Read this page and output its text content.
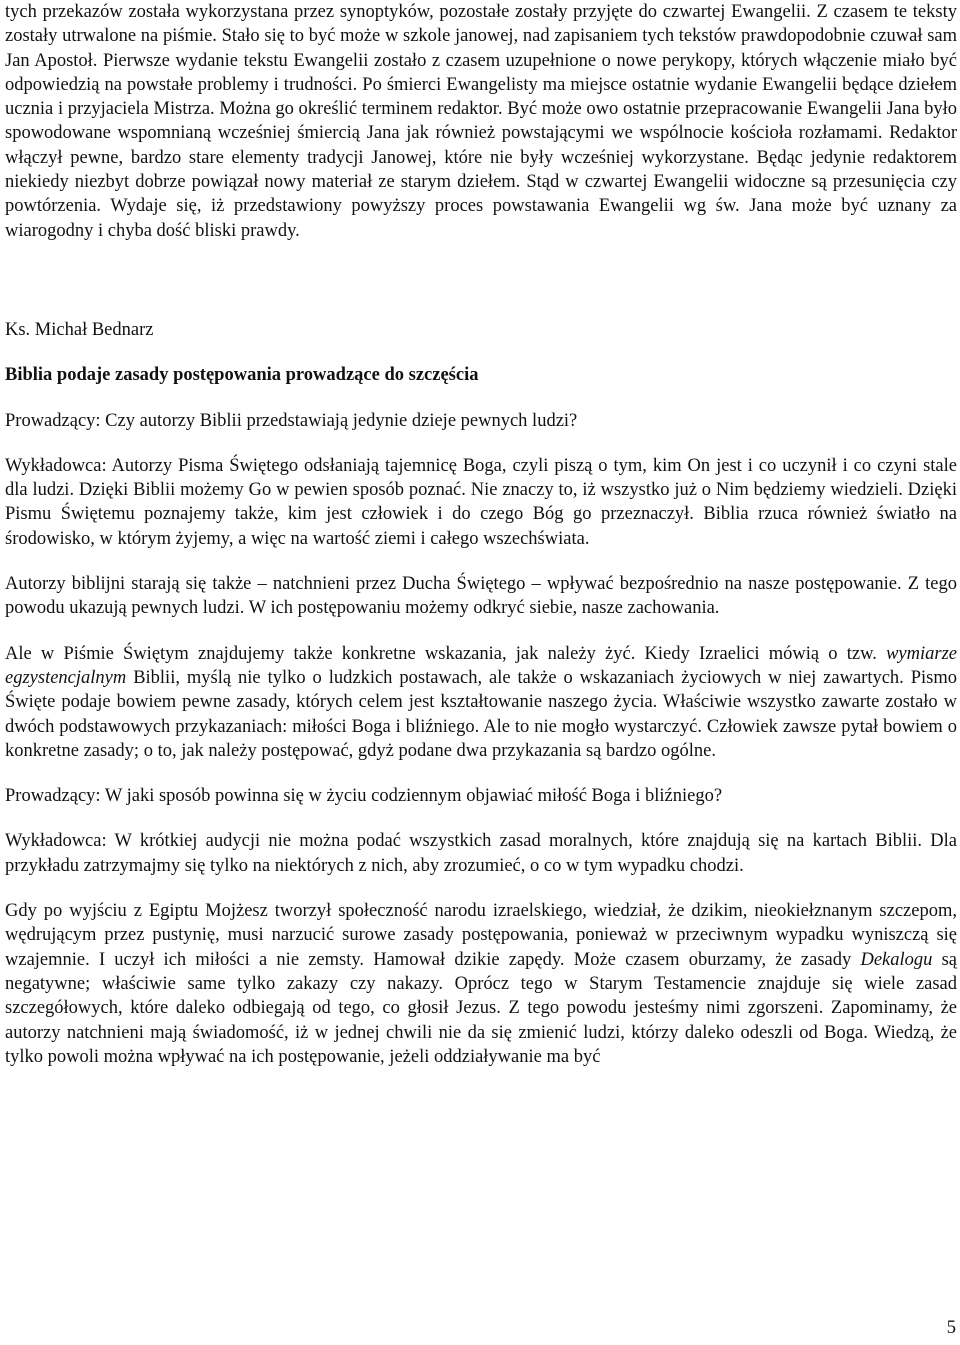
tych przekazów została wykorzystana przez synoptyków, pozostałe zostały przyjęte do czwartej Ewangelii. Z czasem te teksty zostały utrwalone na piśmie. Stało się to być może w szkole janowej, nad zapisaniem tych tekstów prawdopodobnie czuwał sam Jan Apostoł. Pierwsze wydanie tekstu Ewangelii zostało z czasem uzupełnione o nowe perykopy, których włączenie miało być odpowiedzią na powstałe problemy i trudności. Po śmierci Ewangelisty ma miejsce ostatnie wydanie Ewangelii będące dziełem ucznia i przyjaciela Mistrza. Można go określić terminem redaktor. Być może owo ostatnie przepracowanie Ewangelii Jana było spowodowane wspomnianą wcześniej śmiercią Jana jak również powstającymi we wspólnocie kościoła rozłamami. Redaktor włączył pewne, bardzo stare elementy tradycji Janowej, które nie były wcześniej wykorzystane. Będąc jedynie redaktorem niekiedy niezbyt dobrze powiązał nowy materiał ze starym dziełem. Stąd w czwartej Ewangelii widoczne są przesunięcia czy powtórzenia. Wydaje się, iż przedstawiony powyższy proces powstawania Ewangelii wg św. Jana może być uznany za wiarogodny i chyba dość bliski prawdy.

Ks. Michał Bednarz

Biblia podaje zasady postępowania prowadzące do szczęścia

Prowadzący: Czy autorzy Biblii przedstawiają jedynie dzieje pewnych ludzi?

Wykładowca: Autorzy Pisma Świętego odsłaniają tajemnicę Boga, czyli piszą o tym, kim On jest i co uczynił i co czyni stale dla ludzi. Dzięki Biblii możemy Go w pewien sposób poznać. Nie znaczy to, iż wszystko już o Nim będziemy wiedzieli. Dzięki Pismu Świętemu poznajemy także, kim jest człowiek i do czego Bóg go przeznaczył. Biblia rzuca również światło na środowisko, w którym żyjemy, a więc na wartość ziemi i całego wszechświata.

Autorzy biblijni starają się także – natchnieni przez Ducha Świętego – wpływać bezpośrednio na nasze postępowanie. Z tego powodu ukazują pewnych ludzi. W ich postępowaniu możemy odkryć siebie, nasze zachowania.

Ale w Piśmie Świętym znajdujemy także konkretne wskazania, jak należy żyć. Kiedy Izraelici mówią o tzw. wymiarze egzystencjalnym Biblii, myślą nie tylko o ludzkich postawach, ale także o wskazaniach życiowych w niej zawartych. Pismo Święte podaje bowiem pewne zasady, których celem jest kształtowanie naszego życia. Właściwie wszystko zawarte zostało w dwóch podstawowych przykazaniach: miłości Boga i bliźniego. Ale to nie mogło wystarczyć. Człowiek zawsze pytał bowiem o konkretne zasady; o to, jak należy postępować, gdyż podane dwa przykazania są bardzo ogólne.

Prowadzący: W jaki sposób powinna się w życiu codziennym objawiać miłość Boga i bliźniego?

Wykładowca: W krótkiej audycji nie można podać wszystkich zasad moralnych, które znajdują się na kartach Biblii. Dla przykładu zatrzymajmy się tylko na niektórych z nich, aby zrozumieć, o co w tym wypadku chodzi.

Gdy po wyjściu z Egiptu Mojżesz tworzył społeczność narodu izraelskiego, wiedział, że dzikim, nieokiełznanym szczepom, wędrującym przez pustynię, musi narzucić surowe zasady postępowania, ponieważ w przeciwnym wypadku wyniszczą się wzajemnie. I uczył ich miłości a nie zemsty. Hamował dzikie zapędy. Może czasem oburzamy, że zasady Dekalogu są negatywne; właściwie same tylko zakazy czy nakazy. Oprócz tego w Starym Testamencie znajduje się wiele zasad szczegółowych, które daleko odbiegają od tego, co głosił Jezus. Z tego powodu jesteśmy nimi zgorszeni. Zapominamy, że autorzy natchnieni mają świadomość, iż w jednej chwili nie da się zmienić ludzi, którzy daleko odeszli od Boga. Wiedzą, że tylko powoli można wpływać na ich postępowanie, jeżeli oddziaływanie ma być

5
